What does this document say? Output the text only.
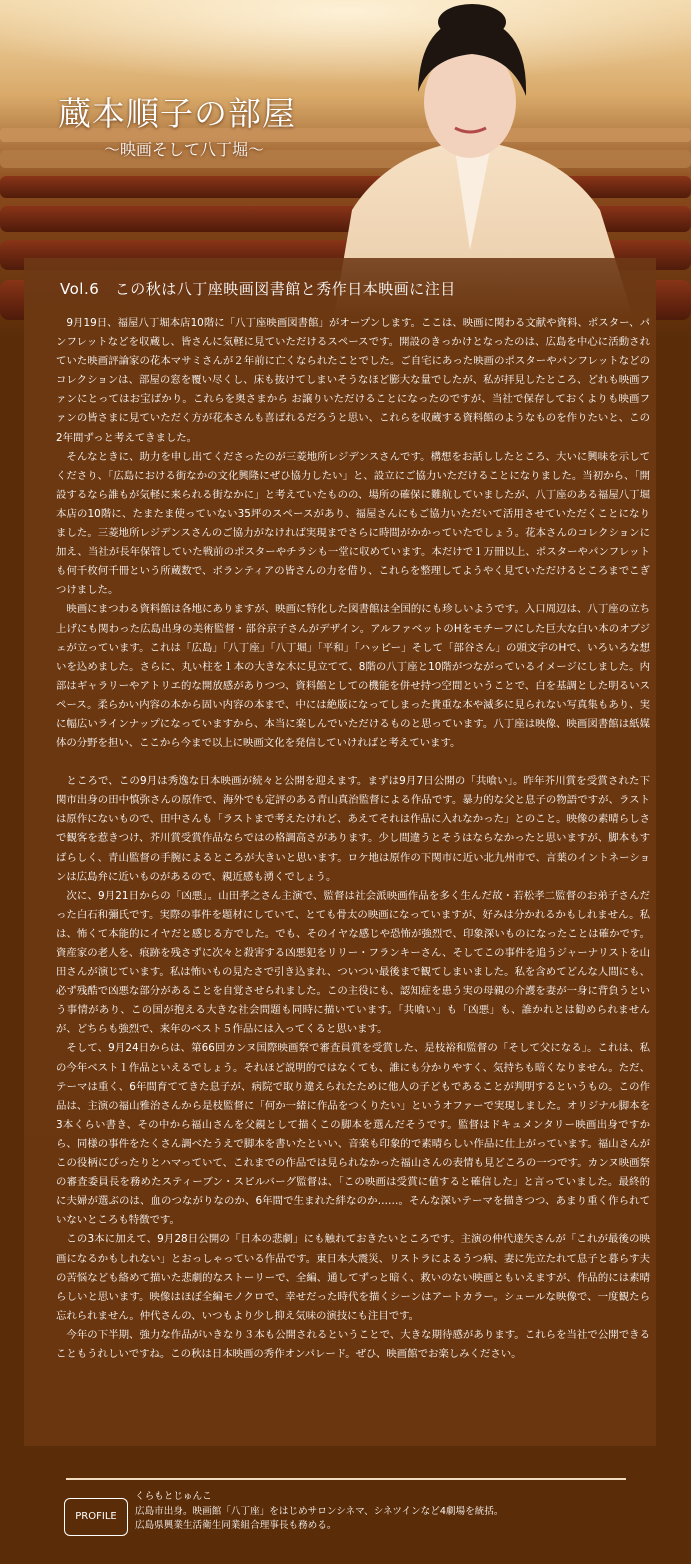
蔵本順子の部屋
〜映画そして八丁堀〜
Vol.6　この秋は八丁座映画図書館と秀作日本映画に注目

9月19日、福屋八丁堀本店10階に「八丁座映画図書館」がオープンします。ここは、映画に関わる文献や資料、ポスター、パンフレットなどを収蔵し、皆さんに気軽に見ていただけるスペースです。開設のきっかけとなったのは、広島を中心に活動されていた映画評論家の花本マサミさんが２年前に亡くなられたことでした。ご自宅にあった映画のポスターやパンフレットなどのコレクションは、部屋の窓を覆い尽くし、床も抜けてしまいそうなほど膨大な量でしたが、私が拝見したところ、どれも映画ファンにとってはお宝ばかり。これらを奥さまから お譲りいただけることになったのですが、当社で保存しておくよりも映画ファンの皆さまに見ていただく方が花本さんも喜ばれるだろうと思い、これらを収蔵する資料館のようなものを作りたいと、この2年間ずっと考えてきました。

そんなときに、助力を申し出てくださったのが三菱地所レジデンスさんです。構想をお話ししたところ、大いに興味を示してくださり、「広島における街なかの文化興隆にぜひ協力したい」と、設立にご協力いただけることになりました。当初から、「開設するなら誰もが気軽に来られる街なかに」と考えていたものの、場所の確保に難航していましたが、八丁座のある福屋八丁堀本店の10階に、たまたま使っていない35坪のスペースがあり、福屋さんにもご協力いただいて活用させていただくことになりました。三菱地所レジデンスさんのご協力がなければ実現までさらに時間がかかっていたでしょう。花本さんのコレクションに加え、当社が長年保管していた戦前のポスターやチラシも一堂に収めています。本だけで１万冊以上、ポスターやパンフレットも何千枚何千冊という所蔵数で、ボランティアの皆さんの力を借り、これらを整理してようやく見ていただけるところまでこぎつけました。

映画にまつわる資料館は各地にありますが、映画に特化した図書館は全国的にも珍しいようです。入口周辺は、八丁座の立ち上げにも関わった広島出身の美術監督・部谷京子さんがデザイン。アルファベットのHをモチーフにした巨大な白い本のオブジェが立っています。これは「広島」「八丁座」「八丁堀」「平和」「ハッピー」そして「部谷さん」の頭文字のHで、いろいろな想いを込めました。さらに、丸い柱を１本の大きな木に見立てて、8階の八丁座と10階がつながっているイメージにしました。内部はギャラリーやアトリエ的な開放感がありつつ、資料館としての機能を併せ持つ空間ということで、白を基調とした明るいスペース。柔らかい内容の本から固い内容の本まで、中には絶版になってしまった貴重な本や滅多に見られない写真集もあり、実に幅広いラインナップになっていますから、本当に楽しんでいただけるものと思っています。八丁座は映像、映画図書館は紙媒体の分野を担い、ここから今まで以上に映画文化を発信していければと考えています。

ところで、この9月は秀逸な日本映画が続々と公開を迎えます。まずは9月7日公開の「共喰い」。昨年芥川賞を受賞された下関市出身の田中慎弥さんの原作で、海外でも定評のある青山真治監督による作品です。暴力的な父と息子の物語ですが、ラストは原作にないもので、田中さんも「ラストまで考えたけれど、あえてそれは作品に入れなかった」とのこと。映像の素晴らしさで観客を惹きつけ、芥川賞受賞作品ならではの格調高さがあります。少し間違うとそうはならなかったと思いますが、脚本もすばらしく、青山監督の手腕によるところが大きいと思います。ロケ地は原作の下関市に近い北九州市で、言葉のイントネーションは広島弁に近いものがあるので、親近感も湧くでしょう。

次に、9月21日からの「凶悪」。山田孝之さん主演で、監督は社会派映画作品を多く生んだ故・若松孝二監督のお弟子さんだった白石和彌氏です。実際の事件を題材にしていて、とても骨太の映画になっていますが、好みは分かれるかもしれません。私は、怖くて本能的にイヤだと感じる方でした。でも、そのイヤな感じや恐怖が強烈で、印象深いものになったことは確かです。資産家の老人を、痕跡を残さずに次々と殺害する凶悪犯をリリー・フランキーさん、そしてこの事件を追うジャーナリストを山田さんが演じています。私は怖いもの見たさで引き込まれ、ついつい最後まで観てしまいました。私を含めてどんな人間にも、必ず残酷で凶悪な部分があることを自覚させられました。この主役にも、認知症を患う実の母親の介護を妻が一身に背負うという事情があり、この国が抱える大きな社会問題も同時に描いています。「共喰い」も「凶悪」も、誰かれとは勧められませんが、どちらも強烈で、来年のベスト５作品には入ってくると思います。

そして、9月24日からは、第66回カンヌ国際映画祭で審査員賞を受賞した、是枝裕和監督の「そして父になる」。これは、私の今年ベスト１作品といえるでしょう。それほど説明的ではなくても、誰にも分かりやすく、気持ちも暗くなりません。ただ、テーマは重く、6年間育ててきた息子が、病院で取り違えられたために他人の子どもであることが判明するというもの。この作品は、主演の福山雅治さんから是枝監督に「何か一緒に作品をつくりたい」というオファーで実現しました。オリジナル脚本を3本くらい書き、その中から福山さんを父親として描くこの脚本を選んだそうです。監督はドキュメンタリー映画出身ですから、同様の事件をたくさん調べたうえで脚本を書いたといい、音楽も印象的で素晴らしい作品に仕上がっています。福山さんがこの役柄にぴったりとハマっていて、これまでの作品では見られなかった福山さんの表情も見どころの一つです。カンヌ映画祭の審査委員長を務めたスティーブン・スピルバーグ監督は、「この映画は受賞に値すると確信した」と言っていました。最終的に夫婦が選ぶのは、血のつながりなのか、6年間で生まれた絆なのか……。そんな深いテーマを描きつつ、あまり重く作られていないところも特徴です。

この3本に加えて、9月28日公開の「日本の悲劇」にも触れておきたいところです。主演の仲代達矢さんが「これが最後の映画になるかもしれない」とおっしゃっている作品です。東日本大震災、リストラによるうつ病、妻に先立たれて息子と暮らす夫の苦悩なども絡めて描いた悲劇的なストーリーで、全編、通してずっと暗く、救いのない映画ともいえますが、作品的には素晴らしいと思います。映像はほぼ全編モノクロで、幸せだった時代を描くシーンはアートカラー。シュールな映像で、一度観たら忘れられません。仲代さんの、いつもより少し抑え気味の演技にも注目です。

今年の下半期、強力な作品がいきなり３本も公開されるということで、大きな期待感があります。これらを当社で公開できることもうれしいですね。この秋は日本映画の秀作オンパレード。ぜひ、映画館でお楽しみください。

PROFILE
くらもとじゅんこ
広島市出身。映画館「八丁座」をはじめサロンシネマ、シネツインなど4劇場を統括。
広島県興業生活衛生同業組合理事長も務める。
